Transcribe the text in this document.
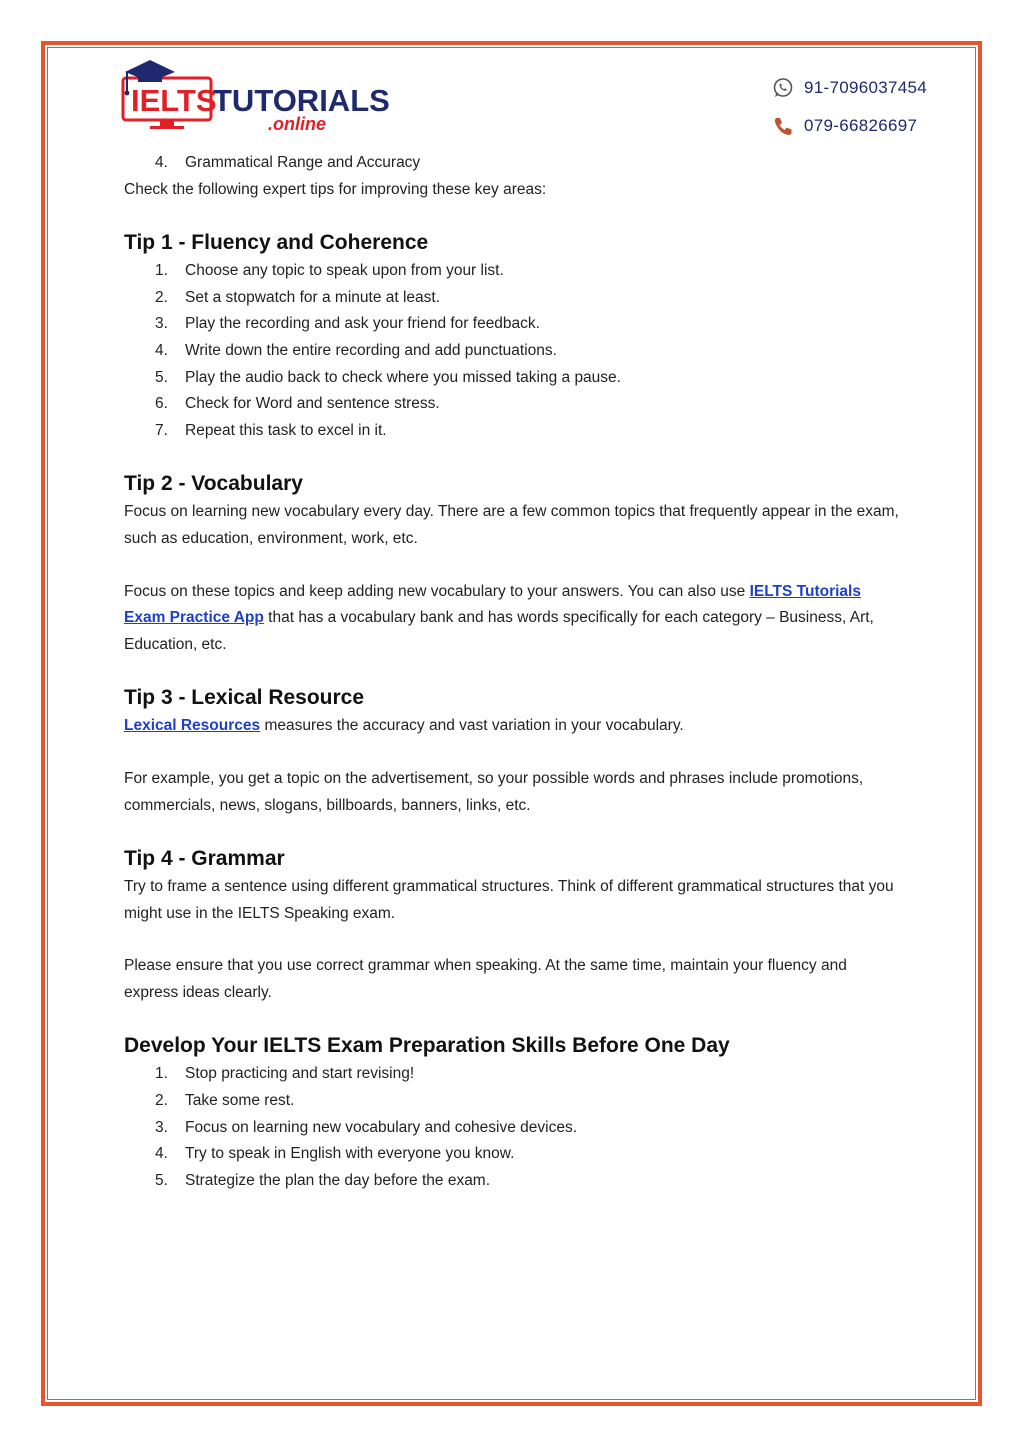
IELTS
TUTORIALS
.online
91-7096037454
079-66826697
4. Grammatical Range and Accuracy

Check the following expert tips for improving these key areas:

Tip 1 - Fluency and Coherence
1. Choose any topic to speak upon from your list.
2. Set a stopwatch for a minute at least.
3. Play the recording and ask your friend for feedback.
4. Write down the entire recording and add punctuations.
5. Play the audio back to check where you missed taking a pause.
6. Check for Word and sentence stress.
7. Repeat this task to excel in it.
Tip 2 - Vocabulary

Focus on learning new vocabulary every day. There are a few common topics that frequently appear in the exam, such as education, environment, work, etc.

Focus on these topics and keep adding new vocabulary to your answers. You can also use IELTS Tutorials Exam Practice App that has a vocabulary bank and has words specifically for each category – Business, Art, Education, etc.

Tip 3 - Lexical Resource

Lexical Resources measures the accuracy and vast variation in your vocabulary.

For example, you get a topic on the advertisement, so your possible words and phrases include promotions, commercials, news, slogans, billboards, banners, links, etc.

Tip 4 - Grammar

Try to frame a sentence using different grammatical structures. Think of different grammatical structures that you might use in the IELTS Speaking exam.

Please ensure that you use correct grammar when speaking. At the same time, maintain your fluency and express ideas clearly.

Develop Your IELTS Exam Preparation Skills Before One Day
1. Stop practicing and start revising!
2. Take some rest.
3. Focus on learning new vocabulary and cohesive devices.
4. Try to speak in English with everyone you know.
5. Strategize the plan the day before the exam.
